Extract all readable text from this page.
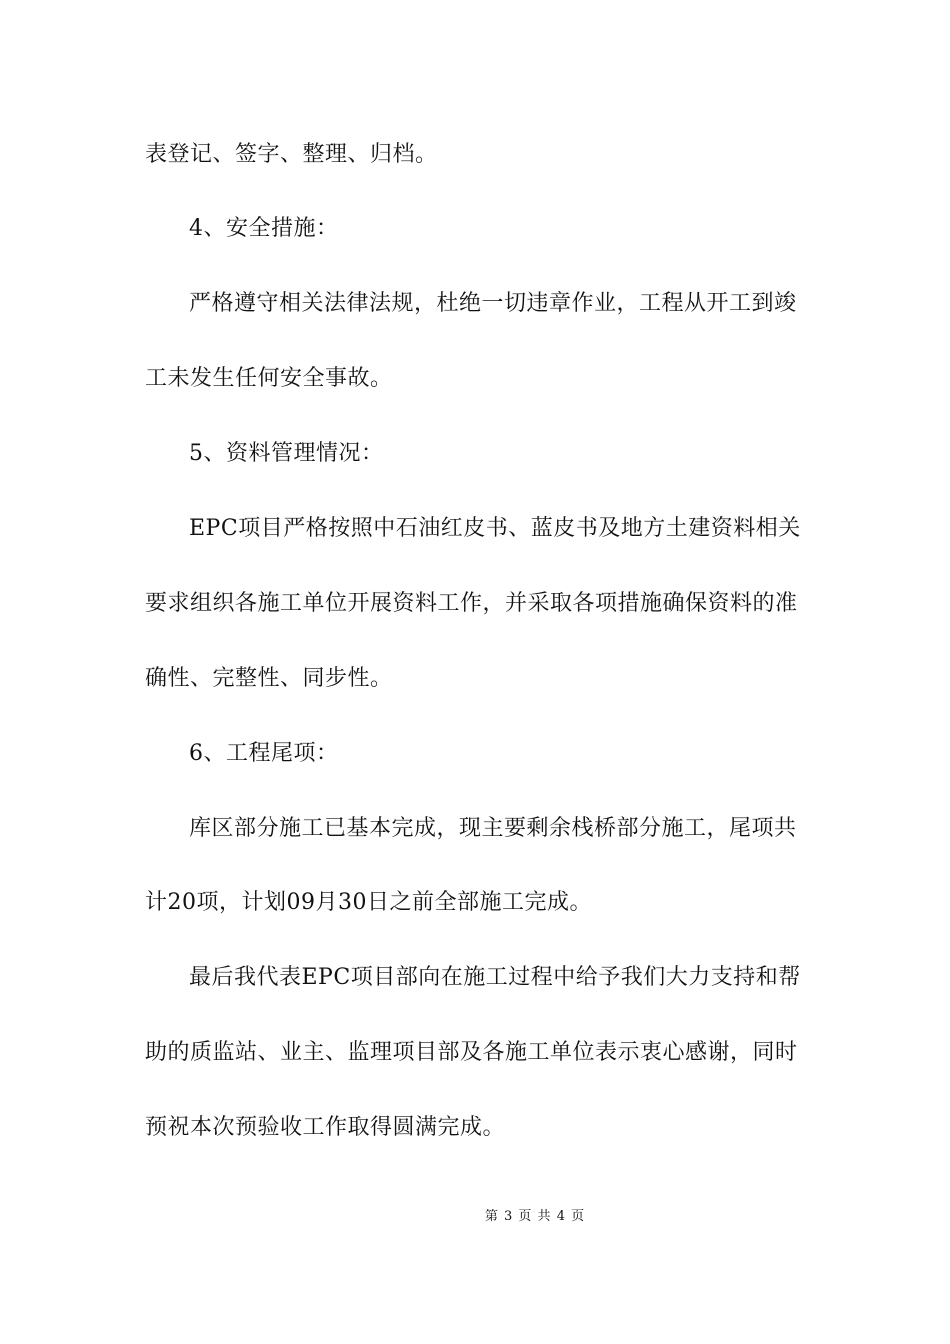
表登记、签字、整理、归档。
4、安全措施：
严格遵守相关法律法规，杜绝一切违章作业，工程从开工到竣
工未发生任何安全事故。
5、资料管理情况：
EPC项目严格按照中石油红皮书、蓝皮书及地方土建资料相关
要求组织各施工单位开展资料工作，并采取各项措施确保资料的准
确性、完整性、同步性。
6、工程尾项：
库区部分施工已基本完成，现主要剩余栈桥部分施工，尾项共
计20项，计划09月30日之前全部施工完成。
最后我代表EPC项目部向在施工过程中给予我们大力支持和帮
助的质监站、业主、监理项目部及各施工单位表示衷心感谢，同时
预祝本次预验收工作取得圆满完成。
第 3 页 共 4 页
